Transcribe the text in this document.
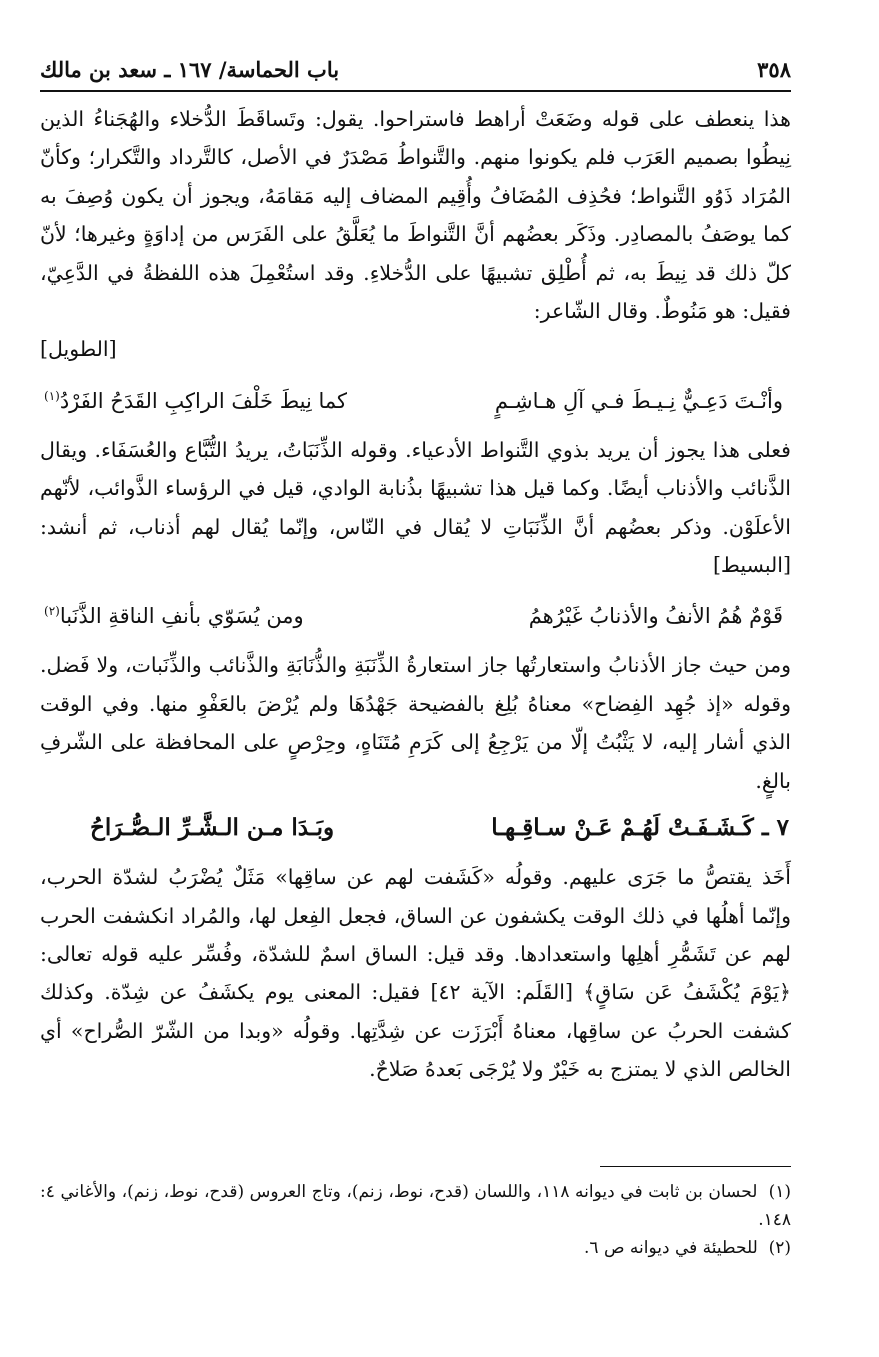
٣٥٨
باب الحماسة/ ١٦٧ ـ سعد بن مالك

هذا ينعطف على قوله وضَعَتْ أراهط فاستراحوا. يقول: وتَساقَطَ الدُّخلاء والهُجَناءُ الذين نِيطُوا بصميم العَرَب فلم يكونوا منهم. والتَّنواطُ مَصْدَرٌ في الأصل، كالتَّرداد والتَّكرار؛ وكأنّ المُرَاد ذَوُو التَّنواط؛ فحُذِف المُضَافُ وأُقِيم المضاف إليه مَقامَهُ، ويجوز أن يكون وُصِفَ به كما يوصَفُ بالمصادِر. وذَكَر بعضُهم أنَّ التَّنواطَ ما يُعَلَّقُ على الفَرَس من إداوَةٍ وغيرها؛ لأنّ كلّ ذلك قد نِيطَ به، ثم أُطْلِق تشبيهًا على الدُّخلاءِ. وقد استُعْمِلَ هذه اللفظةُ في الدَّعِيّ، فقيل: هو مَنُوطٌ. وقال الشّاعر:

[الطويل]

وأنْـتَ دَعِـيٌّ نِـيـطَ فـي آلِ هـاشِـمٍ
كما نِيطَ خَلْفَ الراكِبِ القَدَحُ الفَرْدُ$^{(١)}$

فعلى هذا يجوز أن يريد بذوي التَّنواط الأدعياء. وقوله الذِّنَبَاتُ، يريدُ التُّبَّاع والعُسَفَاء. ويقال الذَّنائب والأذناب أيضًا. وكما قيل هذا تشبيهًا بذُنابة الوادي، قيل في الرؤساء الذَّوائب، لأنّهم الأعلَوْن. وذكر بعضُهم أنَّ الذِّنَبَاتِ لا يُقال في النّاس، وإنّما يُقال لهم أذناب، ثم أنشد: [البسيط]

قَوْمٌ هُمُ الأنفُ والأذنابُ غَيْرُهمُ
ومن يُسَوّي بأنفِ الناقةِ الذَّنَبا$^{(٢)}$

ومن حيث جاز الأذنابُ واستعارتُها جاز استعارةُ الذِّنَبَةِ والذُّنَابَةِ والذَّنائب والذِّنَبات، ولا فَضل. وقوله «إذ جُهِد الفِضاح» معناهُ بُلِغ بالفضيحة جَهْدُهَا ولم يُرْضَ بالعَفْوِ منها. وفي الوقت الذي أشار إليه، لا يَثْبُتُ إلّا من يَرْجِعُ إلى كَرَمِ مُتَنَاهٍ، وحِرْصٍ على المحافظة على الشّرفِ بالغٍ.

٧ ـ كَـشَـفَـتْ لَهُـمْ عَـنْ سـاقِـهـا
وبَـدَا مـن الـشَّـرِّ الـصُّـرَاحُ

أَخَذ يقتصُّ ما جَرَى عليهم. وقولُه «كَشَفت لهم عن ساقِها» مَثَلٌ يُضْرَبُ لشدّة الحرب، وإنّما أهلُها في ذلك الوقت يكشفون عن الساق، فجعل الفِعل لها، والمُراد انكشفت الحرب لهم عن تَشَمُّرِ أهلِها واستعدادها. وقد قيل: الساق اسمٌ للشدّة، وفُسِّر عليه قوله تعالى: ﴿يَوْمَ يُكْشَفُ عَن سَاقٍ﴾ [القَلَم: الآية ٤٢] فقيل: المعنى يوم يكشَفُ عن شِدّة. وكذلك كشفت الحربُ عن ساقِها، معناهُ أَبْرَزَت عن شِدَّتِها. وقولُه «وبدا من الشّرّ الصُّراح» أي الخالص الذي لا يمتزج به خَيْرٌ ولا يُرْجَى بَعدهُ صَلاحٌ.

(١)  لحسان بن ثابت في ديوانه ١١٨، واللسان (قدح، نوط، زنم)، وتاج العروس (قدح، نوط، زنم)، والأغاني ٤: ١٤٨.

(٢)  للحطيئة في ديوانه ص ٦.
